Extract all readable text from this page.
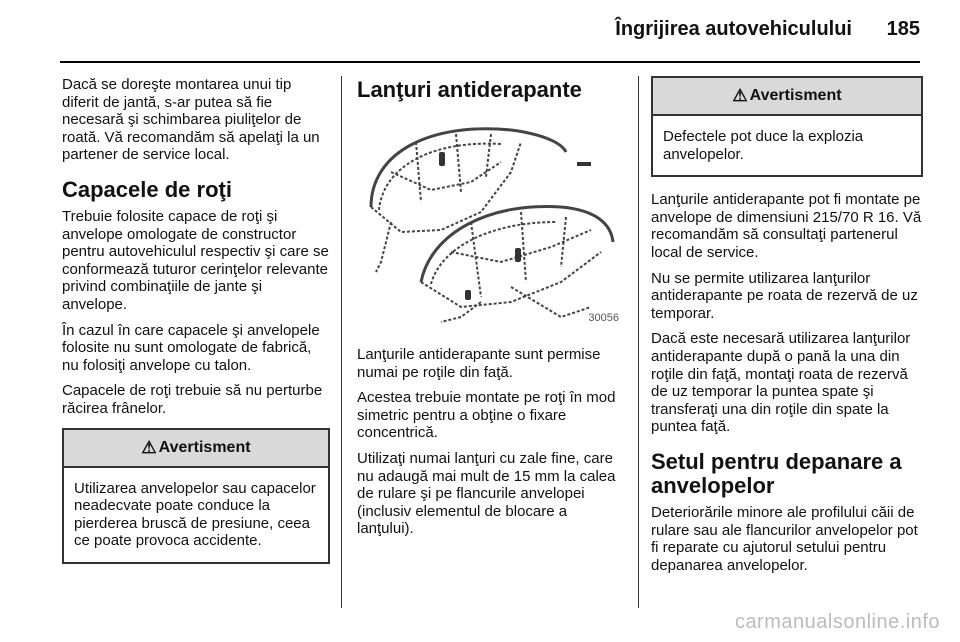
Îngrijirea autovehiculului 185

Dacă se doreşte montarea unui tip diferit de jantă, s-ar putea să fie necesară şi schimbarea piuliţelor de roată. Vă recomandăm să apelaţi la un partener de service local.

Capacele de roţi

Trebuie folosite capace de roţi şi anvelope omologate de constructor pentru autovehiculul respectiv şi care se conformează tuturor cerinţelor relevante privind combinaţiile de jante şi anvelope.

În cazul în care capacele şi anvelopele folosite nu sunt omologate de fabrică, nu folosiţi anvelope cu talon.

Capacele de roţi trebuie să nu perturbe răcirea frânelor.

⚠ Avertisment
Utilizarea anvelopelor sau capacelor neadecvate poate conduce la pierderea bruscă de presiune, ceea ce poate provoca accidente.
Lanţuri antiderapante
30056

Lanţurile antiderapante sunt permise numai pe roţile din faţă.

Acestea trebuie montate pe roţi în mod simetric pentru a obţine o fixare concentrică.

Utilizaţi numai lanţuri cu zale fine, care nu adaugă mai mult de 15 mm la calea de rulare şi pe flancurile anvelopei (inclusiv elementul de blocare a lanţului).

⚠ Avertisment
Defectele pot duce la explozia anvelopelor.

Lanţurile antiderapante pot fi montate pe anvelope de dimensiuni 215/70 R 16. Vă recomandăm să consultaţi partenerul local de service.

Nu se permite utilizarea lanţurilor antiderapante pe roata de rezervă de uz temporar.

Dacă este necesară utilizarea lanţurilor antiderapante după o pană la una din roţile din faţă, montaţi roata de rezervă de uz temporar la puntea spate şi transferaţi una din roţile din spate la puntea faţă.

Setul pentru depanare a anvelopelor

Deteriorările minore ale profilului căii de rulare sau ale flancurilor anvelopelor pot fi reparate cu ajutorul setului pentru depanarea anvelopelor.

carmanualsonline.info
